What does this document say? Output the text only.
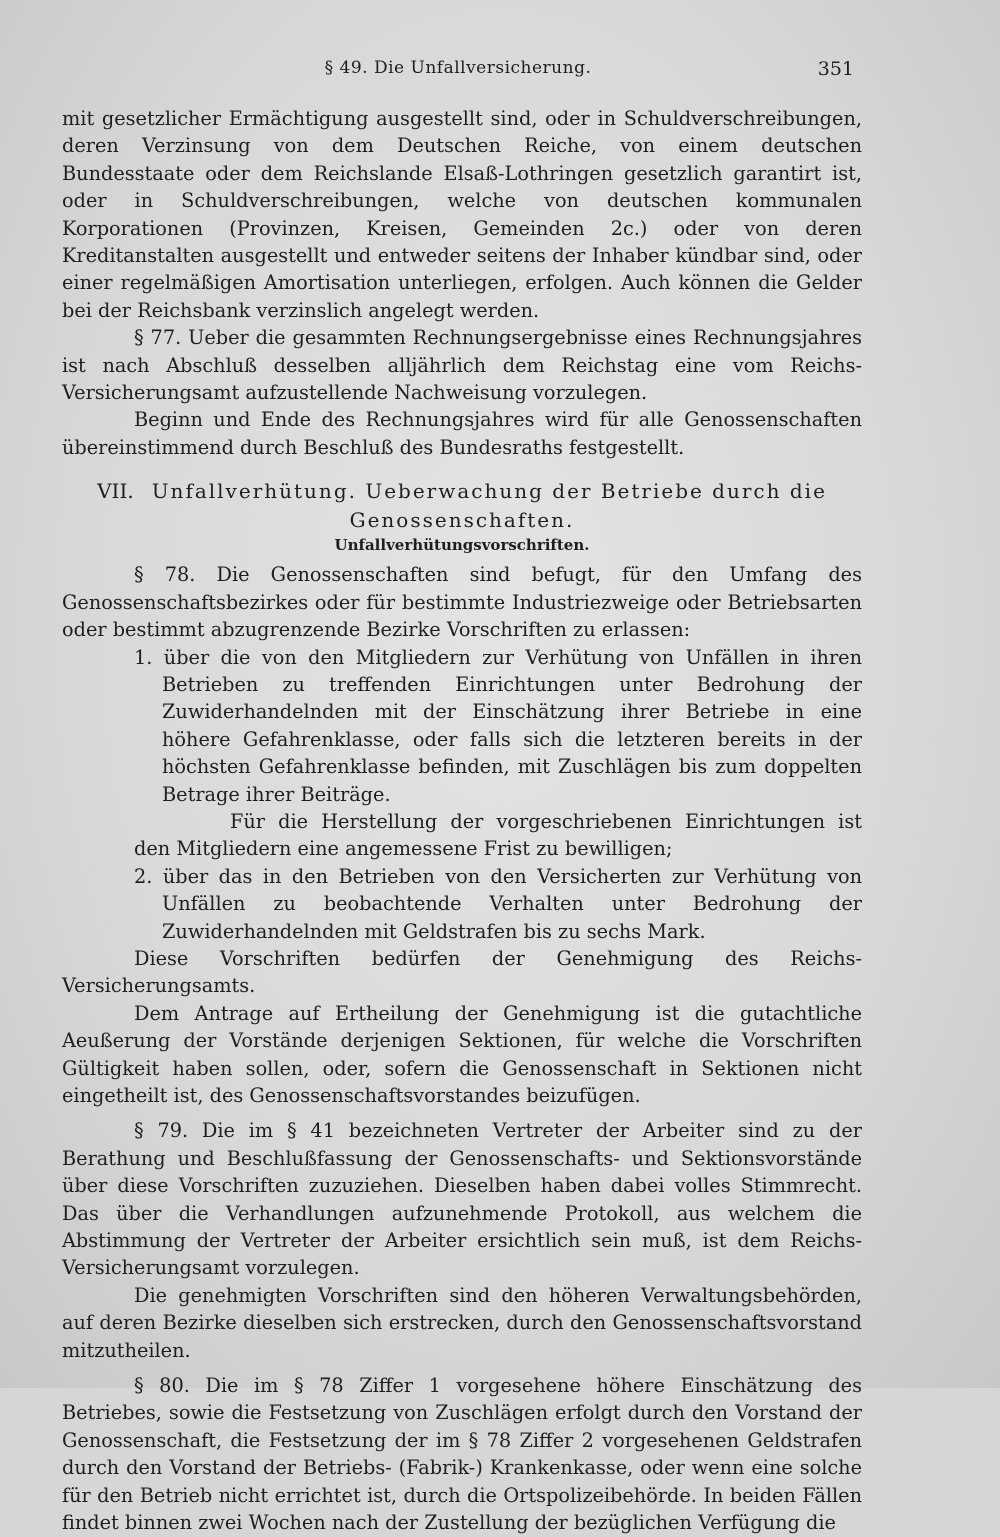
§ 49. Die Unfallversicherung.	351

mit gesetzlicher Ermächtigung ausgestellt sind, oder in Schuldverschreibungen, deren Verzinsung von dem Deutschen Reiche, von einem deutschen Bundesstaate oder dem Reichslande Elsaß-Lothringen gesetzlich garantirt ist, oder in Schuldverschreibungen, welche von deutschen kommunalen Korporationen (Provinzen, Kreisen, Gemeinden 2c.) oder von deren Kreditanstalten ausgestellt und entweder seitens der Inhaber kündbar sind, oder einer regelmäßigen Amortisation unterliegen, erfolgen. Auch können die Gelder bei der Reichsbank verzinslich angelegt werden.

§ 77. Ueber die gesammten Rechnungsergebnisse eines Rechnungsjahres ist nach Abschluß desselben alljährlich dem Reichstag eine vom Reichs-Versicherungsamt aufzustellende Nachweisung vorzulegen.

Beginn und Ende des Rechnungsjahres wird für alle Genossenschaften übereinstimmend durch Beschluß des Bundesraths festgestellt.

VII. Unfallverhütung. Ueberwachung der Betriebe durch die
Genossenschaften.
Unfallverhütungsvorschriften.

§ 78. Die Genossenschaften sind befugt, für den Umfang des Genossenschaftsbezirkes oder für bestimmte Industriezweige oder Betriebsarten oder bestimmt abzugrenzende Bezirke Vorschriften zu erlassen:

1. über die von den Mitgliedern zur Verhütung von Unfällen in ihren Betrieben zu treffenden Einrichtungen unter Bedrohung der Zuwiderhandelnden mit der Einschätzung ihrer Betriebe in eine höhere Gefahrenklasse, oder falls sich die letzteren bereits in der höchsten Gefahrenklasse befinden, mit Zuschlägen bis zum doppelten Betrage ihrer Beiträge.

Für die Herstellung der vorgeschriebenen Einrichtungen ist den Mitgliedern eine angemessene Frist zu bewilligen;

2. über das in den Betrieben von den Versicherten zur Verhütung von Unfällen zu beobachtende Verhalten unter Bedrohung der Zuwiderhandelnden mit Geldstrafen bis zu sechs Mark.

Diese Vorschriften bedürfen der Genehmigung des Reichs-Versicherungsamts.

Dem Antrage auf Ertheilung der Genehmigung ist die gutachtliche Aeußerung der Vorstände derjenigen Sektionen, für welche die Vorschriften Gültigkeit haben sollen, oder, sofern die Genossenschaft in Sektionen nicht eingetheilt ist, des Genossenschaftsvorstandes beizufügen.

§ 79. Die im § 41 bezeichneten Vertreter der Arbeiter sind zu der Berathung und Beschlußfassung der Genossenschafts- und Sektionsvorstände über diese Vorschriften zuzuziehen. Dieselben haben dabei volles Stimmrecht. Das über die Verhandlungen aufzunehmende Protokoll, aus welchem die Abstimmung der Vertreter der Arbeiter ersichtlich sein muß, ist dem Reichs-Versicherungsamt vorzulegen.

Die genehmigten Vorschriften sind den höheren Verwaltungsbehörden, auf deren Bezirke dieselben sich erstrecken, durch den Genossenschaftsvorstand mitzutheilen.

§ 80. Die im § 78 Ziffer 1 vorgesehene höhere Einschätzung des Betriebes, sowie die Festsetzung von Zuschlägen erfolgt durch den Vorstand der Genossenschaft, die Festsetzung der im § 78 Ziffer 2 vorgesehenen Geldstrafen durch den Vorstand der Betriebs- (Fabrik-) Krankenkasse, oder wenn eine solche für den Betrieb nicht errichtet ist, durch die Ortspolizeibehörde. In beiden Fällen findet binnen zwei Wochen nach der Zustellung der bezüglichen Verfügung die
